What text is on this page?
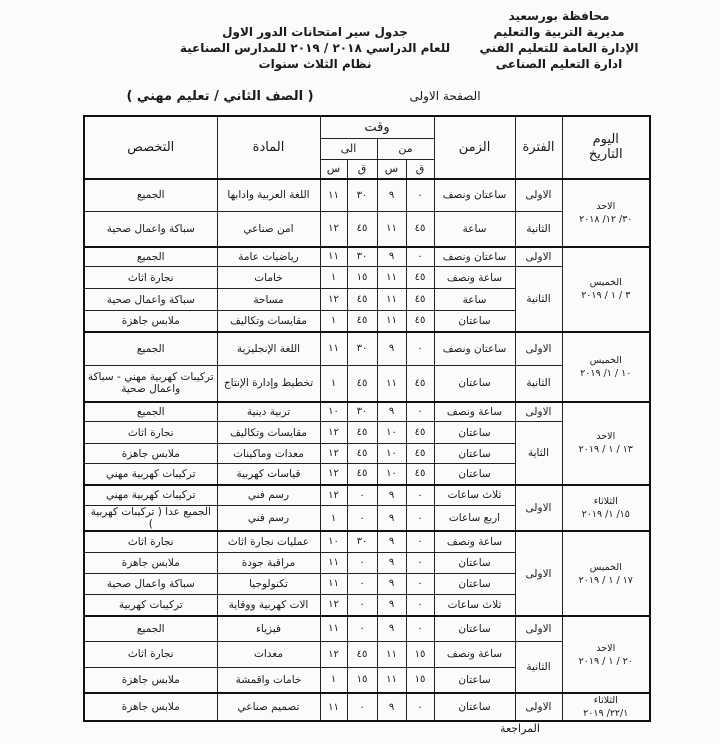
محافظة بورسعيد
مديرية التربية والتعليم
الإدارة العامة للتعليم الفني
ادارة التعليم الصناعى
جدول سير امتحانات الدور الاول
للعام الدراسي ٢٠١٨ / ٢٠١٩ للمدارس الصناعية نظام الثلاث سنوات
الصفحة الاولى
( الصف الثاني / تعليم مهني )
اليوم
التاريخ	الفترة	الزمن	وقت				المادة	التخصص
			من		الى			
			ق	س	ق	س		

الاحد
٣٠/ ١٢/ ٢٠١٨	الاولى	ساعتان ونصف	٠	٩	٣٠	١١	اللغة العربية وادابها	الجميع
	الثانية	ساعة	٤٥	١١	٤٥	١٢	امن صناعي	سباكة واعمال صحية

الخميس
٣ / ١ / ٢٠١٩	الاولى	ساعتان ونصف	٠	٩	٣٠	١١	رياضيات عامة	الجميع
	الثانية	ساعة ونصف	٤٥	١١	١٥	١	خامات	نجارة اثاث
		ساعة	٤٥	١١	٤٥	١٢	مساحة	سباكة واعمال صحية
		ساعتان	٤٥	١١	٤٥	١	مقايسات وتكاليف	ملابس جاهزة

الخميس
١٠ / ١/ ٢٠١٩	الاولى	ساعتان ونصف	٠	٩	٣٠	١١	اللغة الإنجليزية	الجميع
	الثانية	ساعتان	٤٥	١١	٤٥	١	تخطيط وإدارة الإنتاج	تركيبات كهربية مهني - سباكة واعمال صحية

الاحد
١٣ / ١ / ٢٠١٩	الاولى	ساعة ونصف	٠	٩	٣٠	١٠	تربية دينية	الجميع
	الثاية	ساعتان	٤٥	١٠	٤٥	١٢	مقايسات وتكاليف	نجارة اثاث
		ساعتان	٤٥	١٠	٤٥	١٢	معدات وماكينات	ملابس جاهزة
		ساعتان	٤٥	١٠	٤٥	١٢	قياسات كهربية	تركيبات كهربية مهني

الثلاثاء
١٥/ ١/ ٢٠١٩	الاولى	ثلاث ساعات	٠	٩	٠	١٢	رسم فني	تركيبات كهربية مهني
		اربع ساعات	٠	٩	٠	١	رسم فني	الجميع عدا ( تركيبات كهربية )

الخميس
١٧ / ١ / ٢٠١٩	الاولى	ساعة ونصف	٠	٩	٣٠	١٠	عمليات نجارة اثاث	نجارة اثاث
		ساعتان	٠	٩	٠	١١	مراقبة جودة	ملابس جاهزة
		ساعتان	٠	٩	٠	١١	تكنولوجيا	سباكة واعمال صحية
		ثلاث ساعات	٠	٩	٠	١٢	الات كهربية ووقاية	تركيبات كهربية

الاحد
٢٠ / ١ / ٢٠١٩	الاولى	ساعتان	٠	٩	٠	١١	فيزياء	الجميع
	الثانية	ساعة ونصف	١٥	١١	٤٥	١٢	معدات	نجارة اثاث
		ساعتان	١٥	١١	١٥	١	خامات واقمشة	ملابس جاهزة

الثلاثاء
٢٢/١/ ٢٠١٩	الاولى	ساعتان	٠	٩	٠	١١	تصميم صناعي	ملابس جاهزة
المراجعة
